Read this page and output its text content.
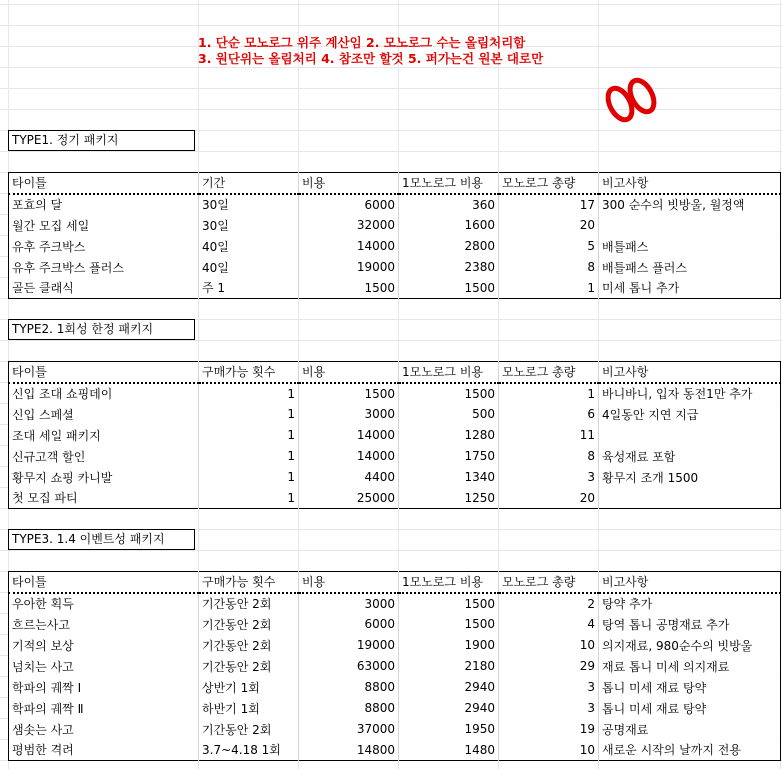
1. 단순 모노로그 위주 계산임 2. 모노로그 수는 올림처리함
3. 원단위는 올림처리 4. 참조만 할것 5. 퍼가는건 원본 대로만
TYPE1. 정기 패키지
타이틀	기간	비용	1모노로그 비용	모노로그 총량	비고사항
포효의 달	30일	6000	360	17	300 순수의 빗방울, 월정액
월간 모집 세일	30일	32000	1600	20	
유후 주크박스	40일	14000	2800	5	배틀패스
유후 주크박스 플러스	40일	19000	2380	8	배틀패스 플러스
골든 클래식	주 1	1500	1500	1	미세 톱니 추가
TYPE2. 1회성 한정 패키지
타이틀	구매가능 횟수	비용	1모노로그 비용	모노로그 총량	비고사항
신입 조대 쇼핑데이	1	1500	1500	1	바니바니, 입자 동전1만 추가
신입 스페셜	1	3000	500	6	4일동안 지연 지급
조대 세일 패키지	1	14000	1280	11	
신규고객 할인	1	14000	1750	8	육성재료 포함
황무지 쇼핑 카니발	1	4400	1340	3	황무지 조개 1500
첫 모집 파티	1	25000	1250	20	
TYPE3. 1.4 이벤트성 패키지
타이틀	구매가능 횟수	비용	1모노로그 비용	모노로그 총량	비고사항
우아한 획득	기간동안 2회	3000	1500	2	탕약 추가
흐르는사고	기간동안 2회	6000	1500	4	탕역 톱니 공명재료 추가
기적의 보상	기간동안 2회	19000	1900	10	의지재료, 980순수의 빗방울
넘치는 사고	기간동안 2회	63000	2180	29	재료 톱니 미세 의지재료
학파의 궤짝 I	상반기 1회	8800	2940	3	톱니 미세 재료 탕약
학파의 궤짝 Ⅱ	하반기 1회	8800	2940	3	톱니 미세 재료 탕약
샘솟는 사고	기간동안 2회	37000	1950	19	공명재료
평범한 격려	3.7~4.18 1회	14800	1480	10	새로운 시작의 날까지 전용
